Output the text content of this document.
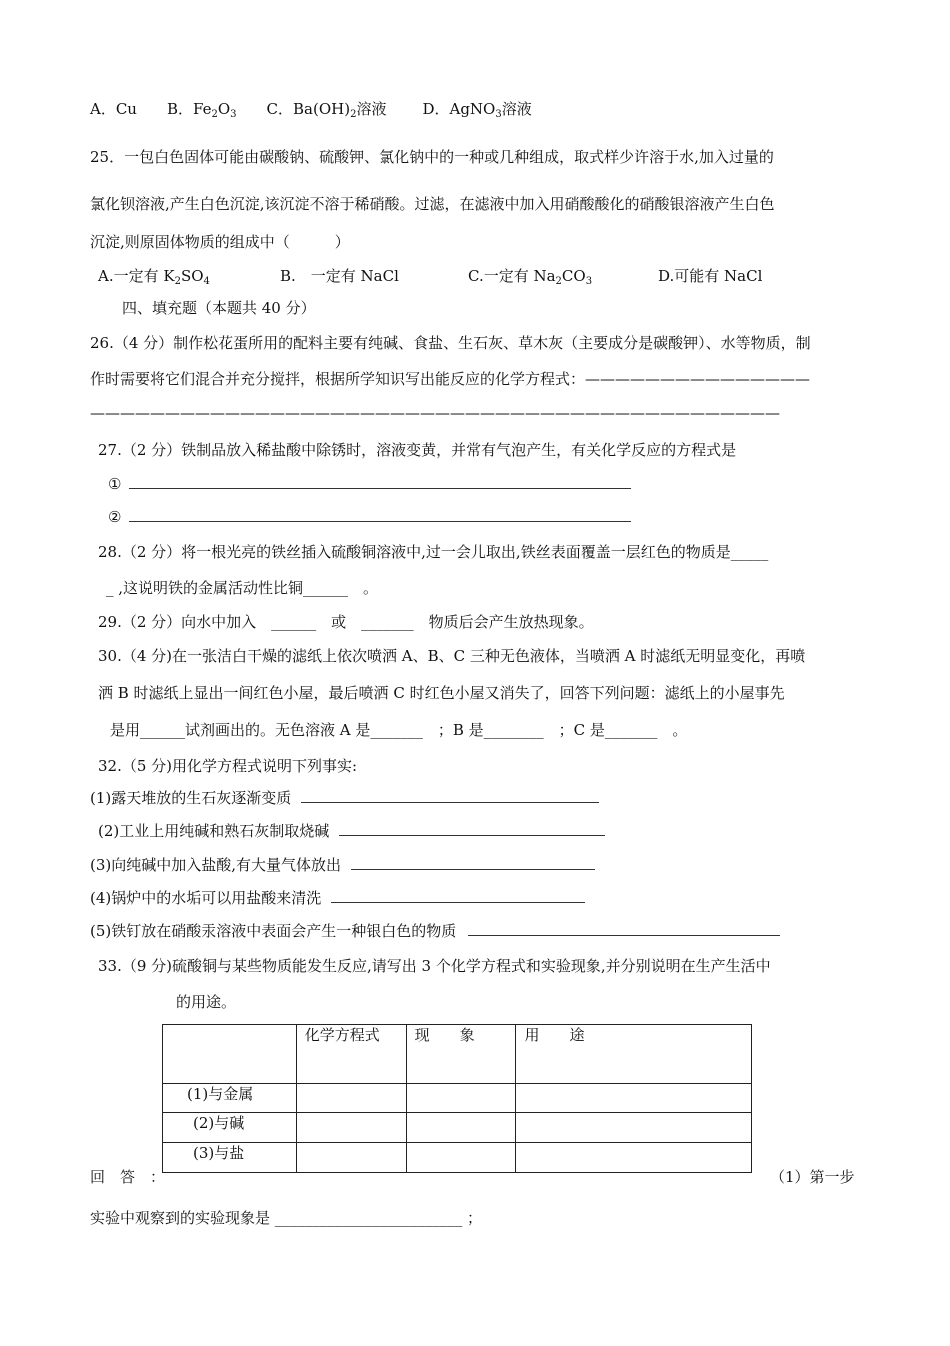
A．Cu B．$Fe_2O_3$ C．$Ba(OH)_2$溶液 D．AgNO$_3$溶液
25．一包白色固体可能由碳酸钠、硫酸钾、氯化钠中的一种或几种组成，取式样少许溶于水,加入过量的
氯化钡溶液,产生白色沉淀,该沉淀不溶于稀硝酸。过滤，在滤液中加入用硝酸酸化的硝酸银溶液产生白色
沉淀,则原固体物质的组成中（　　　）
A.一定有 $K_2SO_4$	B.　一定有 NaCl	C.一定有 $Na_2CO_3$	D.可能有 NaCl
四、填充题（本题共 40 分）
26.（4 分）制作松花蛋所用的配料主要有纯碱、食盐、生石灰、草木灰（主要成分是碳酸钾）、水等物质，制
作时需要将它们混合并充分搅拌，根据所学知识写出能反应的化学方程式：———————————————
——————————————————————————————————————————————
27.（2 分）铁制品放入稀盐酸中除锈时，溶液变黄，并常有气泡产生，有关化学反应的方程式是
①
②
28.（2 分）将一根光亮的铁丝插入硫酸铜溶液中,过一会儿取出,铁丝表面覆盖一层红色的物质是_____
_ ,这说明铁的金属活动性比铜______　。
29.（2 分）向水中加入　______　或　_______　物质后会产生放热现象。
30.（4 分)在一张洁白干燥的滤纸上依次喷洒 A、B、C 三种无色液体，当喷洒 A 时滤纸无明显变化，再喷
洒 B 时滤纸上显出一间红色小屋，最后喷洒 C 时红色小屋又消失了，回答下列问题：滤纸上的小屋事先
是用______试剂画出的。无色溶液 A 是_______　；B 是________　；C 是_______　。
32.（5 分)用化学方程式说明下列事实:
(1)露天堆放的生石灰逐渐变质
(2)工业上用纯碱和熟石灰制取烧碱
(3)向纯碱中加入盐酸,有大量气体放出
(4)锅炉中的水垢可以用盐酸来清洗
(5)铁钉放在硝酸汞溶液中表面会产生一种银白色的物质
33.（9 分)硫酸铜与某些物质能发生反应,请写出 3 个化学方程式和实验现象,并分别说明在生产生活中
的用途。
	化学方程式	现　　象	用　　途
(1)与金属			
(2)与碱			
(3)与盐			
回　答　：	（1）第一步
实验中观察到的实验现象是 _________________________ ；
